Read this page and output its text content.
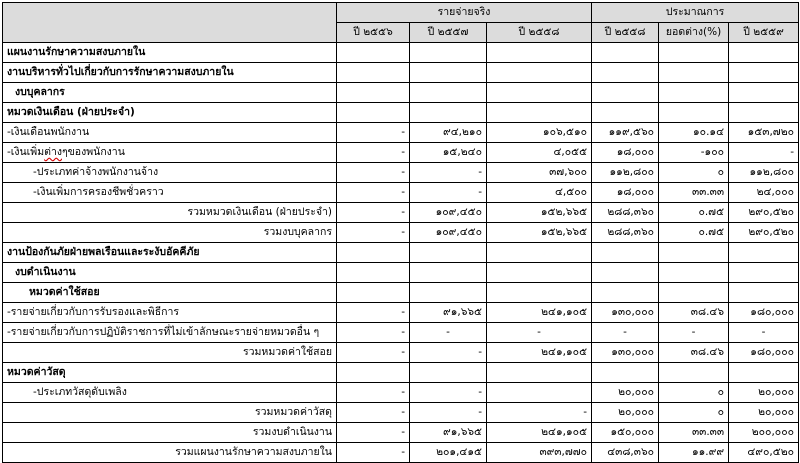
	รายจ่ายจริง			ประมาณการ		
	ปี ๒๕๕๖	ปี ๒๕๕๗	ปี ๒๕๕๘	ปี ๒๕๕๘	ยอดต่าง(%)	ปี ๒๕๕๙
แผนงานรักษาความสงบภายใน						
งานบริหารทั่วไปเกี่ยวกับการรักษาความสงบภายใน						
งบบุคลากร						
หมวดเงินเดือน (ฝ่ายประจำ)						
-เงินเดือนพนักงาน	-	๙๔,๒๑๐	๑๐๖,๕๑๐	๑๑๙,๕๖๐	๑๐.๑๔	๑๕๓,๗๒๐
-เงินเพิ่มต่างๆของพนักงาน	-	๑๕,๒๔๐	๔,๐๕๕	๑๘,๐๐๐	-๑๐๐	-
-ประเภทค่าจ้างพนักงานจ้าง	-	-	๓๗,๖๐๐	๑๑๒,๘๐๐	๐	๑๑๒,๘๐๐
-เงินเพิ่มการครองชีพชั่วคราว	-	-	๔,๕๐๐	๑๘,๐๐๐	๓๓.๓๓	๒๔,๐๐๐
รวมหมวดเงินเดือน (ฝ่ายประจำ)	-	๑๐๙,๔๕๐	๑๕๒,๖๖๕	๒๘๘,๓๖๐	๐.๗๕	๒๙๐,๕๒๐
รวมงบบุคลากร	-	๑๐๙,๔๕๐	๑๕๒,๖๖๕	๒๘๘,๓๖๐	๐.๗๕	๒๙๐,๕๒๐
งานป้องกันภัยฝ่ายพลเรือนและระงับอัคคีภัย						
งบดำเนินงาน						
หมวดค่าใช้สอย						
-รายจ่ายเกี่ยวกับการรับรองและพิธีการ	-	๙๑,๖๖๕	๒๔๑,๑๐๕	๑๓๐,๐๐๐	๓๘.๔๖	๑๘๐,๐๐๐
-รายจ่ายเกี่ยวกับการปฏิบัติราชการที่ไม่เข้าลักษณะรายจ่ายหมวดอื่น ๆ	-	-	-	-	-	-
รวมหมวดค่าใช้สอย	-	-	๒๔๑,๑๐๕	๑๓๐,๐๐๐	๓๘.๔๖	๑๘๐,๐๐๐
หมวดค่าวัสดุ						
-ประเภทวัสดุดับเพลิง	-	-		๒๐,๐๐๐	๐	๒๐,๐๐๐
รวมหมวดค่าวัสดุ	-	-	-	๒๐,๐๐๐	๐	๒๐,๐๐๐
รวมงบดำเนินงาน	-	๙๑,๖๖๕	๒๔๑,๑๐๕	๑๕๐,๐๐๐	๓๓.๓๓	๒๐๐,๐๐๐
รวมแผนงานรักษาความสงบภายใน	-	๒๐๑,๔๑๕	๓๙๓,๗๗๐	๔๓๘,๓๖๐	๑๑.๙๙	๔๙๐,๕๒๐
